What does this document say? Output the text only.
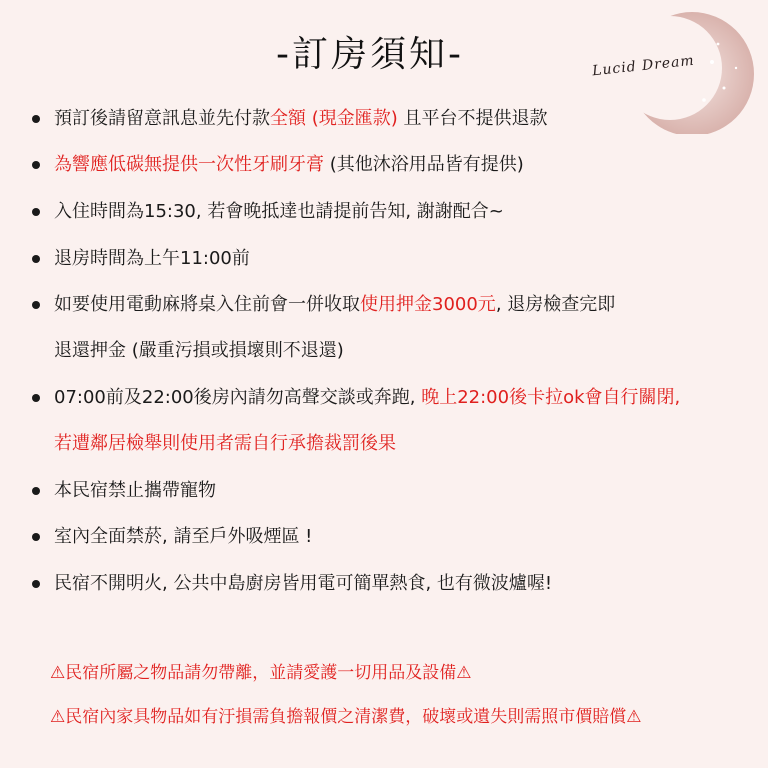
-訂房須知-	Lucid Dream
預訂後請留意訊息並先付款全額 (現金匯款) 且平台不提供退款
為響應低碳無提供一次性牙刷牙膏 (其他沐浴用品皆有提供)
入住時間為15:30, 若會晚抵達也請提前告知, 謝謝配合~
退房時間為上午11:00前
如要使用電動麻將桌入住前會一併收取使用押金3000元, 退房檢查完即
退還押金 (嚴重污損或損壞則不退還)
07:00前及22:00後房內請勿高聲交談或奔跑, 晚上22:00後卡拉ok會自行關閉,
若遭鄰居檢舉則使用者需自行承擔裁罰後果
本民宿禁止攜帶寵物
室內全面禁菸, 請至戶外吸煙區 !
民宿不開明火, 公共中島廚房皆用電可簡單熱食, 也有微波爐喔!
⚠民宿所屬之物品請勿帶離，並請愛護一切用品及設備⚠
⚠民宿內家具物品如有汙損需負擔報價之清潔費，破壞或遺失則需照市價賠償⚠
